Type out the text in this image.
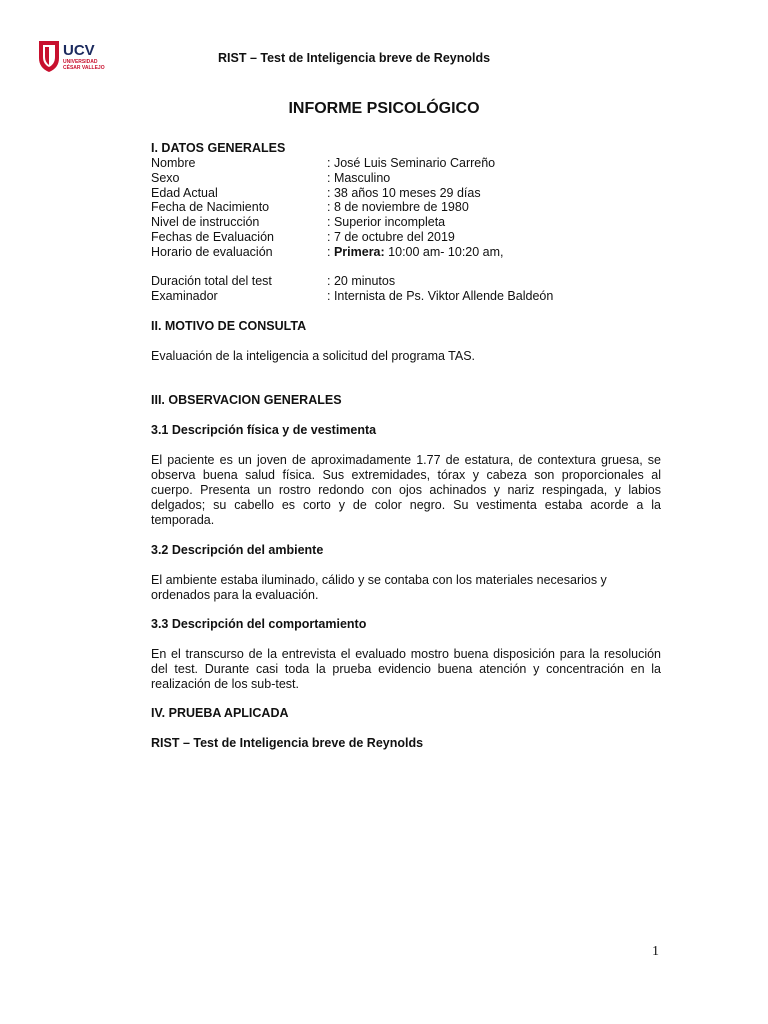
UCV
UNIVERSIDAD
CÉSAR VALLEJO
RIST – Test de Inteligencia breve de Reynolds
INFORME PSICOLÓGICO
I. DATOS GENERALES
Nombre	: José Luis Seminario Carreño
Sexo	: Masculino
Edad Actual	: 38 años 10 meses 29 días
Fecha de Nacimiento	: 8 de noviembre de 1980
Nivel de instrucción	: Superior incompleta
Fechas de Evaluación	: 7 de octubre del 2019
Horario de evaluación	: Primera: 10:00 am- 10:20 am,
Duración total del test	: 20 minutos
Examinador	: Internista de Ps. Viktor Allende Baldeón
II. MOTIVO DE CONSULTA
Evaluación de la inteligencia a solicitud del programa TAS.
III. OBSERVACION GENERALES
3.1 Descripción física y de vestimenta
El paciente es un joven de aproximadamente 1.77 de estatura, de contextura gruesa, se observa buena salud física. Sus extremidades, tórax y cabeza son proporcionales al cuerpo. Presenta un rostro redondo con ojos achinados y nariz respingada, y labios delgados; su cabello es corto y de color negro. Su vestimenta estaba acorde a la temporada.
3.2 Descripción del ambiente
El ambiente estaba iluminado, cálido y se contaba con los materiales necesarios y ordenados para la evaluación.
3.3 Descripción del comportamiento
En el transcurso de la entrevista el evaluado mostro buena disposición para la resolución del test. Durante casi toda la prueba evidencio buena atención y concentración en la realización de los sub-test.
IV. PRUEBA APLICADA
RIST – Test de Inteligencia breve de Reynolds
1
